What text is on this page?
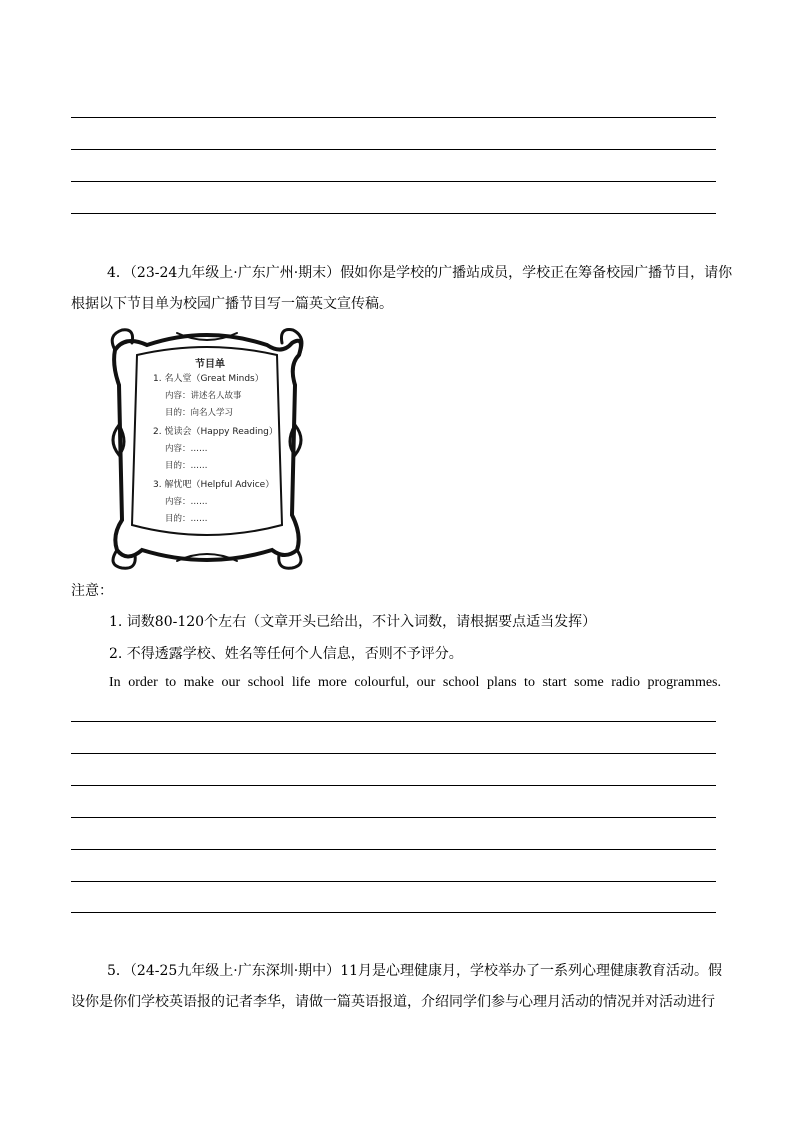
4．（23-24九年级上·广东广州·期末）假如你是学校的广播站成员，学校正在筹备校园广播节目，请你
根据以下节目单为校园广播节目写一篇英文宣传稿。
节目单
1. 名人堂（Great Minds）
内容：讲述名人故事
目的：向名人学习
2. 悦读会（Happy Reading）
内容：……
目的：……
3. 解忧吧（Helpful Advice）
内容：……
目的：……
注意：
1. 词数80-120个左右（文章开头已给出，不计入词数，请根据要点适当发挥）
2. 不得透露学校、姓名等任何个人信息，否则不予评分。
In order to make our school life more colourful, our school plans to start some radio programmes.
5．（24-25九年级上·广东深圳·期中）11月是心理健康月，学校举办了一系列心理健康教育活动。假
设你是你们学校英语报的记者李华，请做一篇英语报道，介绍同学们参与心理月活动的情况并对活动进行
